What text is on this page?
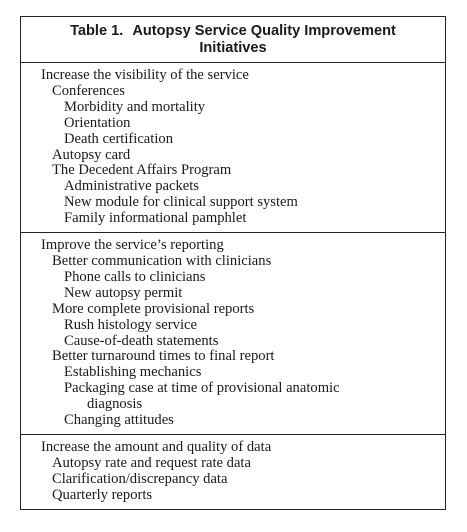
Table 1. Autopsy Service Quality Improvement
Initiatives
Increase the visibility of the service
Conferences
Morbidity and mortality
Orientation
Death certification
Autopsy card
The Decedent Affairs Program
Administrative packets
New module for clinical support system
Family informational pamphlet
Improve the service’s reporting
Better communication with clinicians
Phone calls to clinicians
New autopsy permit
More complete provisional reports
Rush histology service
Cause-of-death statements
Better turnaround times to final report
Establishing mechanics
Packaging case at time of provisional anatomic
diagnosis
Changing attitudes
Increase the amount and quality of data
Autopsy rate and request rate data
Clarification/discrepancy data
Quarterly reports
